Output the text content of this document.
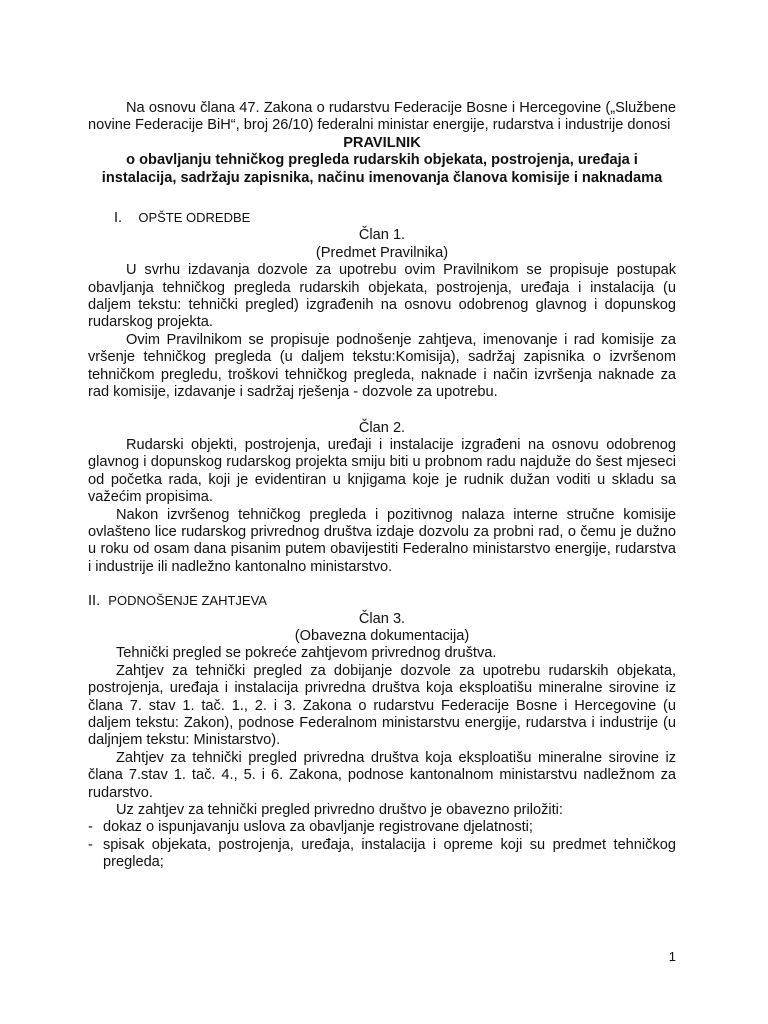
Na osnovu člana 47. Zakona o rudarstvu Federacije Bosne i Hercegovine („Službene novine Federacije BiH“, broj 26/10) federalni ministar energije, rudarstva i industrije donosi

PRAVILNIK

o obavljanju tehničkog pregleda rudarskih objekata, postrojenja, uređaja i instalacija, sadržaju zapisnika, načinu imenovanja članova komisije i naknadama

I. OPŠTE ODREDBE

Član 1.

(Predmet Pravilnika)

U svrhu izdavanja dozvole za upotrebu ovim Pravilnikom se propisuje postupak obavljanja tehničkog pregleda rudarskih objekata, postrojenja, uređaja i instalacija (u daljem tekstu: tehnički pregled) izgrađenih na osnovu odobrenog glavnog i dopunskog rudarskog projekta.

Ovim Pravilnikom se propisuje podnošenje zahtjeva, imenovanje i rad komisije za vršenje tehničkog pregleda (u daljem tekstu:Komisija), sadržaj zapisnika o izvršenom tehničkom pregledu, troškovi tehničkog pregleda, naknade i način izvršenja naknade za rad komisije, izdavanje i sadržaj rješenja - dozvole za upotrebu.

Član 2.

Rudarski objekti, postrojenja, uređaji i instalacije izgrađeni na osnovu odobrenog glavnog i dopunskog rudarskog projekta smiju biti u probnom radu najduže do šest mjeseci od početka rada, koji je evidentiran u knjigama koje je rudnik dužan voditi u skladu sa važećim propisima.

Nakon izvršenog tehničkog pregleda i pozitivnog nalaza interne stručne komisije ovlašteno lice rudarskog privrednog društva izdaje dozvolu za probni rad, o čemu je dužno u roku od osam dana pisanim putem obavijestiti Federalno ministarstvo energije, rudarstva i industrije ili nadležno kantonalno ministarstvo.

II. PODNOŠENJE ZAHTJEVA

Član 3.

(Obavezna dokumentacija)

Tehnički pregled se pokreće zahtjevom privrednog društva.

Zahtjev za tehnički pregled za dobijanje dozvole za upotrebu rudarskih objekata, postrojenja, uređaja i instalacija privredna društva koja eksploatišu mineralne sirovine iz člana 7. stav 1. tač. 1., 2. i 3. Zakona o rudarstvu Federacije Bosne i Hercegovine (u daljem tekstu: Zakon), podnose Federalnom ministarstvu energije, rudarstva i industrije (u daljnjem tekstu: Ministarstvo).

Zahtjev za tehnički pregled privredna društva koja eksploatišu mineralne sirovine iz člana 7.stav 1. tač. 4., 5. i 6. Zakona, podnose kantonalnom ministarstvu nadležnom za rudarstvo.

Uz zahtjev za tehnički pregled privredno društvo je obavezno priložiti:

- dokaz o ispunjavanju uslova za obavljanje registrovane djelatnosti;

- spisak objekata, postrojenja, uređaja, instalacija i opreme koji su predmet tehničkog pregleda;

1
